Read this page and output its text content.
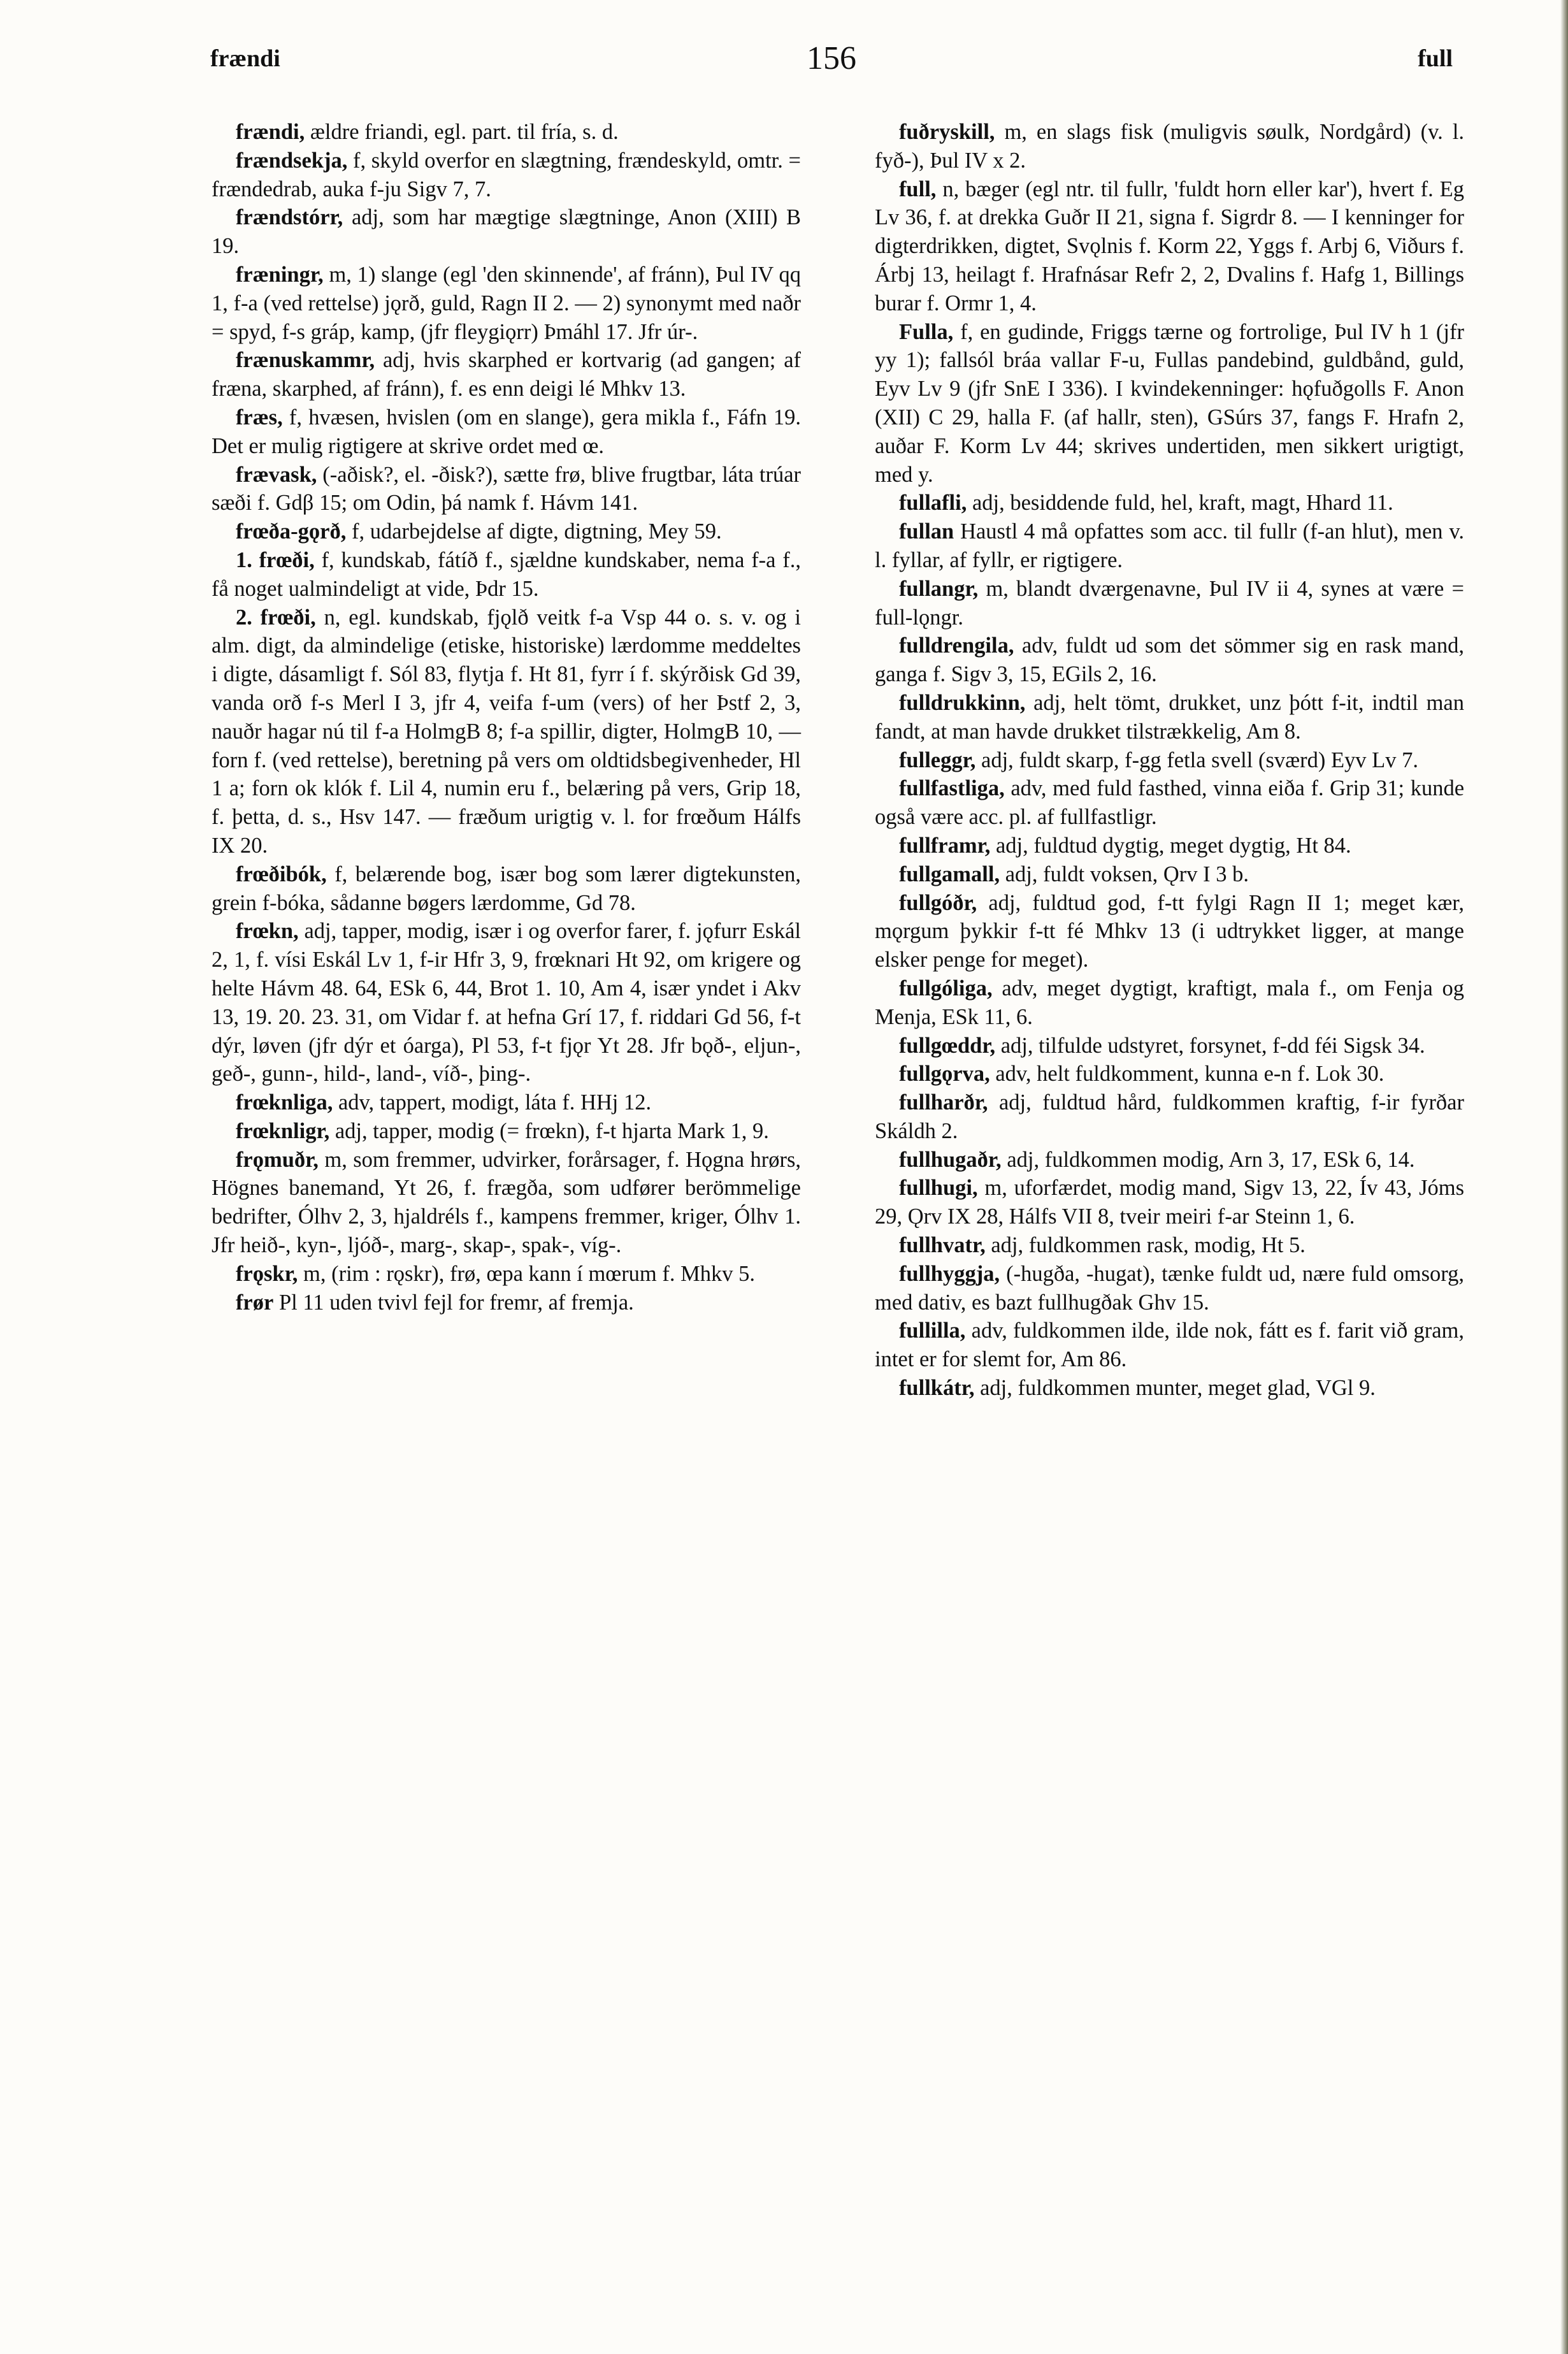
frændi	156	full

frændi, ældre friandi, egl. part. til fría, s. d.

frændsekja, f, skyld overfor en slægtning, frændeskyld, omtr. = frændedrab, auka f-ju Sigv 7, 7.

frændstórr, adj, som har mægtige slægtninge, Anon (XIII) B 19.

fræningr, m, 1) slange (egl 'den skinnende', af fránn), Þul IV qq 1, f-a (ved rettelse) jǫrð, guld, Ragn II 2. — 2) synonymt med naðr = spyd, f-s gráp, kamp, (jfr fleygiǫrr) Þmáhl 17. Jfr úr-.

frænuskammr, adj, hvis skarphed er kortvarig (ad gangen; af fræna, skarphed, af fránn), f. es enn deigi lé Mhkv 13.

fræs, f, hvæsen, hvislen (om en slange), gera mikla f., Fáfn 19. Det er mulig rigtigere at skrive ordet med œ.

frævask, (-aðisk?, el. -ðisk?), sætte frø, blive frugtbar, láta trúar sæði f. Gdβ 15; om Odin, þá namk f. Hávm 141.

frœða-gǫrð, f, udarbejdelse af digte, digtning, Mey 59.

1. frœði, f, kundskab, fátíð f., sjældne kundskaber, nema f-a f., få noget ualmindeligt at vide, Þdr 15.

2. frœði, n, egl. kundskab, fjǫlð veitk f-a Vsp 44 o. s. v. og i alm. digt, da almindelige (etiske, historiske) lærdomme meddeltes i digte, dásamligt f. Sól 83, flytja f. Ht 81, fyrr í f. skýrðisk Gd 39, vanda orð f-s Merl I 3, jfr 4, veifa f-um (vers) of her Þstf 2, 3, nauðr hagar nú til f-a HolmgB 8; f-a spillir, digter, HolmgB 10, — forn f. (ved rettelse), beretning på vers om oldtidsbegivenheder, Hl 1 a; forn ok klók f. Lil 4, numin eru f., belæring på vers, Grip 18, f. þetta, d. s., Hsv 147. — fræðum urigtig v. l. for frœðum Hálfs IX 20.

frœðibók, f, belærende bog, især bog som lærer digtekunsten, grein f-bóka, sådanne bøgers lærdomme, Gd 78.

frœkn, adj, tapper, modig, især i og overfor farer, f. jǫfurr Eskál 2, 1, f. vísi Eskál Lv 1, f-ir Hfr 3, 9, frœknari Ht 92, om krigere og helte Hávm 48. 64, ESk 6, 44, Brot 1. 10, Am 4, især yndet i Akv 13, 19. 20. 23. 31, om Vidar f. at hefna Grí 17, f. riddari Gd 56, f-t dýr, løven (jfr dýr et óarga), Pl 53, f-t fjǫr Yt 28. Jfr bǫð-, eljun-, geð-, gunn-, hild-, land-, víð-, þing-.

frœknliga, adv, tappert, modigt, láta f. HHj 12.

frœknligr, adj, tapper, modig (= frœkn), f-t hjarta Mark 1, 9.

frǫmuðr, m, som fremmer, udvirker, forårsager, f. Hǫgna hrørs, Högnes banemand, Yt 26, f. frægða, som udfører berömmelige bedrifter, Ólhv 2, 3, hjaldréls f., kampens fremmer, kriger, Ólhv 1. Jfr heið-, kyn-, ljóð-, marg-, skap-, spak-, víg-.

frǫskr, m, (rim : rǫskr), frø, œpa kann í mœrum f. Mhkv 5.

frør Pl 11 uden tvivl fejl for fremr, af fremja.

fuðryskill, m, en slags fisk (muligvis søulk, Nordgård) (v. l. fyð-), Þul IV x 2.

full, n, bæger (egl ntr. til fullr, 'fuldt horn eller kar'), hvert f. Eg Lv 36, f. at drekka Guðr II 21, signa f. Sigrdr 8. — I kenninger for digterdrikken, digtet, Svǫlnis f. Korm 22, Yggs f. Arbj 6, Viðurs f. Árbj 13, heilagt f. Hrafnásar Refr 2, 2, Dvalins f. Hafg 1, Billings burar f. Ormr 1, 4.

Fulla, f, en gudinde, Friggs tærne og fortrolige, Þul IV h 1 (jfr yy 1); fallsól bráa vallar F-u, Fullas pandebind, guldbånd, guld, Eyv Lv 9 (jfr SnE I 336). I kvindekenninger: hǫfuðgolls F. Anon (XII) C 29, halla F. (af hallr, sten), GSúrs 37, fangs F. Hrafn 2, auðar F. Korm Lv 44; skrives undertiden, men sikkert urigtigt, med y.

fullafli, adj, besiddende fuld, hel, kraft, magt, Hhard 11.

fullan Haustl 4 må opfattes som acc. til fullr (f-an hlut), men v. l. fyllar, af fyllr, er rigtigere.

fullangr, m, blandt dværgenavne, Þul IV ii 4, synes at være = full-lǫngr.

fulldrengila, adv, fuldt ud som det sömmer sig en rask mand, ganga f. Sigv 3, 15, EGils 2, 16.

fulldrukkinn, adj, helt tömt, drukket, unz þótt f-it, indtil man fandt, at man havde drukket tilstrækkelig, Am 8.

fulleggr, adj, fuldt skarp, f-gg fetla svell (sværd) Eyv Lv 7.

fullfastliga, adv, med fuld fasthed, vinna eiða f. Grip 31; kunde også være acc. pl. af fullfastligr.

fullframr, adj, fuldtud dygtig, meget dygtig, Ht 84.

fullgamall, adj, fuldt voksen, Ǫrv I 3 b.

fullgóðr, adj, fuldtud god, f-tt fylgi Ragn II 1; meget kær, mǫrgum þykkir f-tt fé Mhkv 13 (i udtrykket ligger, at mange elsker penge for meget).

fullgóliga, adv, meget dygtigt, kraftigt, mala f., om Fenja og Menja, ESk 11, 6.

fullgœddr, adj, tilfulde udstyret, forsynet, f-dd féi Sigsk 34.

fullgǫrva, adv, helt fuldkomment, kunna e-n f. Lok 30.

fullharðr, adj, fuldtud hård, fuldkommen kraftig, f-ir fyrðar Skáldh 2.

fullhugaðr, adj, fuldkommen modig, Arn 3, 17, ESk 6, 14.

fullhugi, m, uforfærdet, modig mand, Sigv 13, 22, Ív 43, Jóms 29, Ǫrv IX 28, Hálfs VII 8, tveir meiri f-ar Steinn 1, 6.

fullhvatr, adj, fuldkommen rask, modig, Ht 5.

fullhyggja, (-hugða, -hugat), tænke fuldt ud, nære fuld omsorg, med dativ, es bazt fullhugðak Ghv 15.

fullilla, adv, fuldkommen ilde, ilde nok, fátt es f. farit við gram, intet er for slemt for, Am 86.

fullkátr, adj, fuldkommen munter, meget glad, VGl 9.
